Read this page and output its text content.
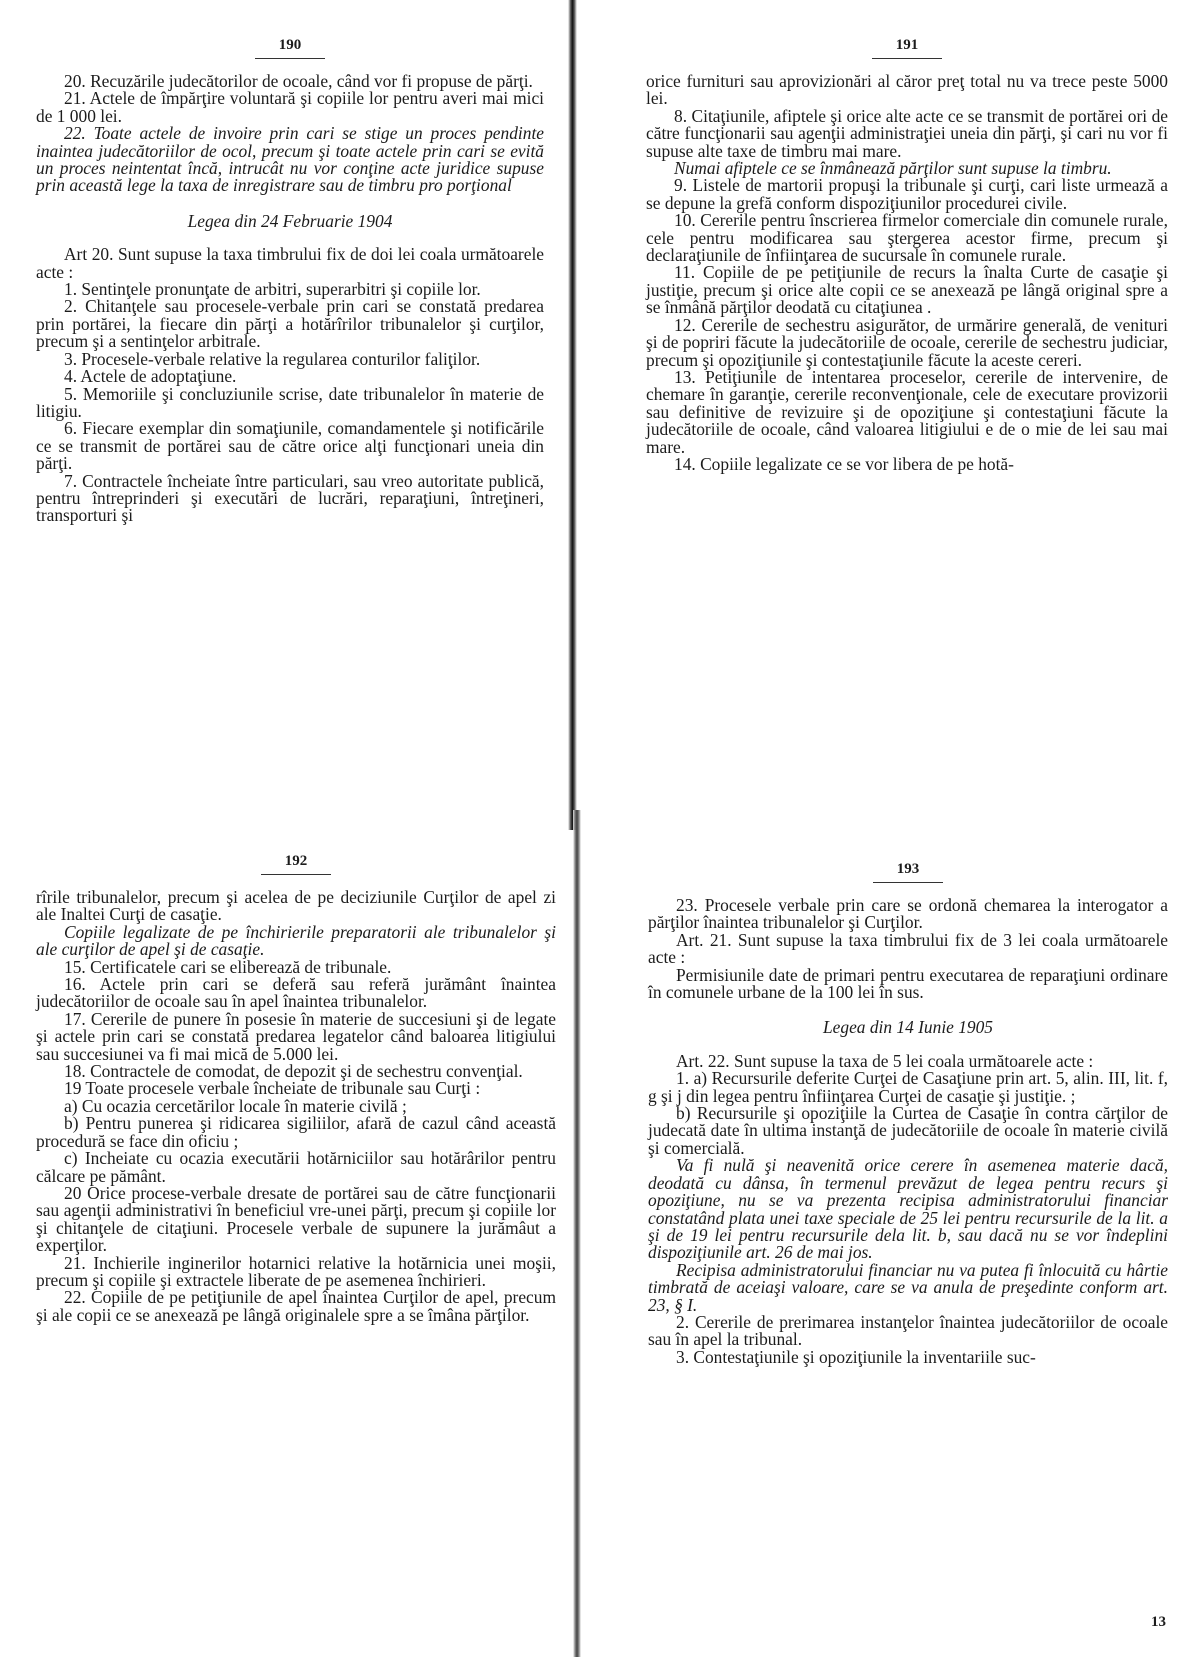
190

20. Recuzările judecătorilor de ocoale, când vor fi propuse de părţi.

21. Actele de împărţire voluntară şi copiile lor pentru averi mai mici de 1 000 lei.

22. Toate actele de invoire prin cari se stige un proces pendinte inaintea judecătoriilor de ocol, precum şi toate actele prin cari se evită un proces neintentat încă, intrucât nu vor conţine acte juridice supuse prin această lege la taxa de inregistrare sau de timbru pro porţional

Legea din 24 Februarie 1904

Art 20. Sunt supuse la taxa timbrului fix de doi lei coala următoarele acte :

1. Sentinţele pronunţate de arbitri, superarbitri şi copiile lor.

2. Chitanţele sau procesele-verbale prin cari se constată predarea prin portărei, la fiecare din părţi a hotărîrilor tribunalelor şi curţilor, precum şi a sentinţelor arbitrale.

3. Procesele-verbale relative la regularea conturilor faliţilor.

4. Actele de adoptaţiune.

5. Memoriile şi concluziunile scrise, date tribunalelor în materie de litigiu.

6. Fiecare exemplar din somaţiunile, comandamentele şi notificările ce se transmit de portărei sau de către orice alţi funcţionari uneia din părţi.

7. Contractele încheiate între particulari, sau vreo autoritate publică, pentru întreprinderi şi executări de lucrări, reparaţiuni, întreţineri, transporturi şi

191

orice furnituri sau aprovizionări al căror preţ total nu va trece peste 5000 lei.

8. Citaţiunile, afiptele şi orice alte acte ce se transmit de portărei ori de către funcţionarii sau agenţii administraţiei uneia din părţi, şi cari nu vor fi supuse alte taxe de timbru mai mare.

Numai afiptele ce se înmânează părţilor sunt supuse la timbru.

9. Listele de martorii propuşi la tribunale şi curţi, cari liste urmează a se depune la grefă conform dispoziţiunilor procedurei civile.

10. Cererile pentru înscrierea firmelor comerciale din comunele rurale, cele pentru modificarea sau ştergerea acestor firme, precum şi declaraţiunile de înfiinţarea de sucursale în comunele rurale.

11. Copiile de pe petiţiunile de recurs la înalta Curte de casaţie şi justiţie, precum şi orice alte copii ce se anexează pe lângă original spre a se înmână părţilor deodată cu citaţiunea .

12. Cererile de sechestru asigurător, de urmărire generală, de venituri şi de popriri făcute la judecătoriile de ocoale, cererile de sechestru judiciar, precum şi opoziţiunile şi contestaţiunile făcute la aceste cereri.

13. Petiţiunile de intentarea proceselor, cererile de intervenire, de chemare în garanţie, cererile reconvenţionale, cele de executare provizorii sau definitive de revizuire şi de opoziţiune şi contestaţiuni făcute la judecătoriile de ocoale, când valoarea litigiului e de o mie de lei sau mai mare.

14. Copiile legalizate ce se vor libera de pe hotă-

192

rîrile tribunalelor, precum şi acelea de pe deciziunile Curţilor de apel zi ale Inaltei Curţi de casaţie.

Copiile legalizate de pe închirierile preparatorii ale tribunalelor şi ale curţilor de apel şi de casaţie.

15. Certificatele cari se eliberează de tribunale.

16. Actele prin cari se deferă sau referă jurământ înaintea judecătoriilor de ocoale sau în apel înaintea tribunalelor.

17. Cererile de punere în posesie în materie de succesiuni şi de legate şi actele prin cari se constată predarea legatelor când baloarea litigiului sau succesiunei va fi mai mică de 5.000 lei.

18. Contractele de comodat, de depozit şi de sechestru convenţial.

19 Toate procesele verbale încheiate de tribunale sau Curţi :

a) Cu ocazia cercetărilor locale în materie civilă ;

b) Pentru punerea şi ridicarea sigiliilor, afară de cazul când această procedură se face din oficiu ;

c) Incheiate cu ocazia executării hotărniciilor sau hotărârilor pentru călcare pe pământ.

20 Orice procese-verbale dresate de portărei sau de către funcţionarii sau agenţii administrativi în beneficiul vre-unei părţi, precum şi copiile lor şi chitanţele de citaţiuni. Procesele verbale de supunere la jurămâut a experţilor.

21. Inchierile inginerilor hotarnici relative la hotărnicia unei moşii, precum şi copiile şi extractele liberate de pe asemenea închirieri.

22. Copiile de pe petiţiunile de apel înaintea Curţilor de apel, precum şi ale copii ce se anexează pe lângă originalele spre a se îmâna părţilor.

193

23. Procesele verbale prin care se ordonă chemarea la interogator a părţilor înaintea tribunalelor şi Curţilor.

Art. 21. Sunt supuse la taxa timbrului fix de 3 lei coala următoarele acte :

Permisiunile date de primari pentru executarea de reparaţiuni ordinare în comunele urbane de la 100 lei în sus.

Legea din 14 Iunie 1905

Art. 22. Sunt supuse la taxa de 5 lei coala următoarele acte :

1. a) Recursurile deferite Curţei de Casaţiune prin art. 5, alin. III, lit. f, g şi j din legea pentru înfiinţarea Curţei de casaţie şi justiţie. ;

b) Recursurile şi opoziţiile la Curtea de Casaţie în contra cărţilor de judecată date în ultima instanţă de judecătoriile de ocoale în materie civilă şi comercială.

Va fi nulă şi neavenită orice cerere în asemenea materie dacă, deodată cu dânsa, în termenul prevăzut de legea pentru recurs şi opoziţiune, nu se va prezenta recipisa administratorului financiar constatând plata unei taxe speciale de 25 lei pentru recursurile de la lit. a şi de 19 lei pentru recursurile dela lit. b, sau dacă nu se vor îndeplini dispoziţiunile art. 26 de mai jos.

Recipisa administratorului financiar nu va putea fi înlocuită cu hârtie timbrată de aceiaşi valoare, care se va anula de preşedinte conform art. 23, § I.

2. Cererile de prerimarea instanţelor înaintea judecătoriilor de ocoale sau în apel la tribunal.

3. Contestaţiunile şi opoziţiunile la inventariile suc-

13
